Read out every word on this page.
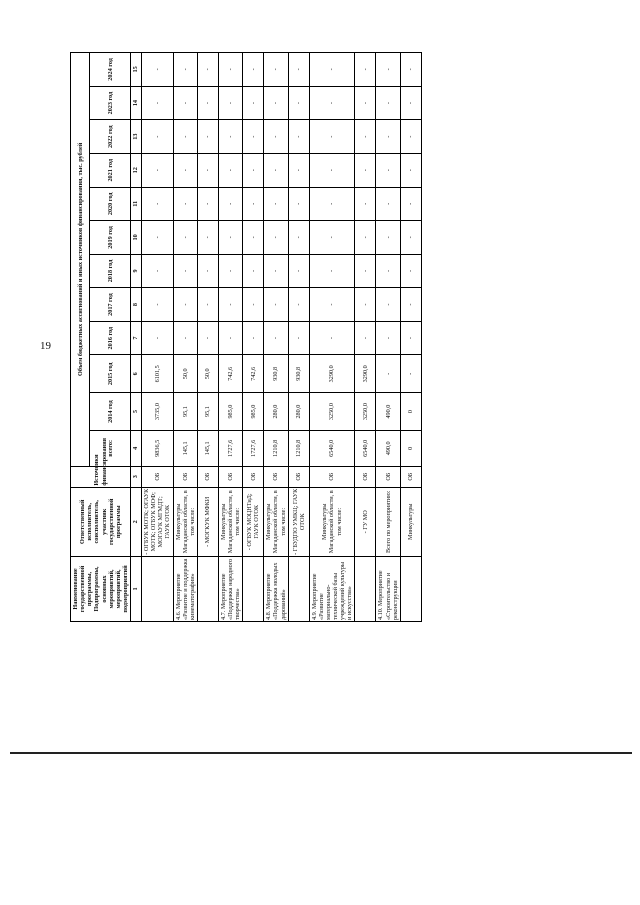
19
Наименование государственной программы, Подпрограммы, основных мероприятий, мероприятий, подмероприятий	Ответственный исполнитель, соисполнитель, участник государственной программы	Источники финансирования	Объем бюджетных ассигнований и иных источников финансирования, тыс. рублей											
			всего:	2014 год	2015 год	2016 год	2017 год	2018 год	2019 год	2020 год	2021 год	2022 год	2023 год	2024 год
1	2	3	4	5	6	7	8	9	10	11	12	13	14	15
	- ОГБУК МОТК; ОГАУК МОТК; ОГБУК МОФ; МОГАУК МГМДТ; ГАУК ОТОК	ОБ	9836,5	3735,0	6101,5	-	-	-	-	-	-	-	-	-
4.6. Мероприятие «Развитие и поддержка кинематографии»	Минкультуры Магаданской области, в том числе:	ОБ	145,1	95,1	50,0	-	-	-	-	-	-	-	-	-
	- МОГКУК МФКИ	ОБ	145,1	95,1	50,0	-	-	-	-	-	-	-	-	-
4.7. Мероприятие «Поддержка народного творчества»	Минкультуры Магаданской области, в том числе:	ОБ	1727,6	985,0	742,6	-	-	-	-	-	-	-	-	-
	- ОГБУК МОЦНТиД; ГАУК ОТОК	ОБ	1727,6	985,0	742,6	-	-	-	-	-	-	-	-	-
4.8. Мероприятие «Поддержка молодых дарований»	Минкультуры Магаданской области, в том числе:	ОБ	1210,8	280,0	930,8	-	-	-	-	-	-	-	-	-
	- ГБУДПО УМКЦ; ГАУК ОТОК	ОБ	1210,8	280,0	930,8	-	-	-	-	-	-	-	-	-
4.9. Мероприятие «Развитие материально-технической базы учреждений культуры и искусства»	Минкультуры Магаданской области, в том числе:	ОБ	6540,0	3250,0	3290,0	-	-	-	-	-	-	-	-	-
	- ГУ МО	ОБ	6540,0	3250,0	3290,0	-	-	-	-	-	-	-	-	-
4.10. Мероприятие «Строительство и реконструкции	Всего по мероприятию:	ОБ	490,0	490,0	-	-	-	-	-	-	-	-	-	-
	Минкультуры	ОБ	0	0	-	-	-	-	-	-	-	-	-	-
